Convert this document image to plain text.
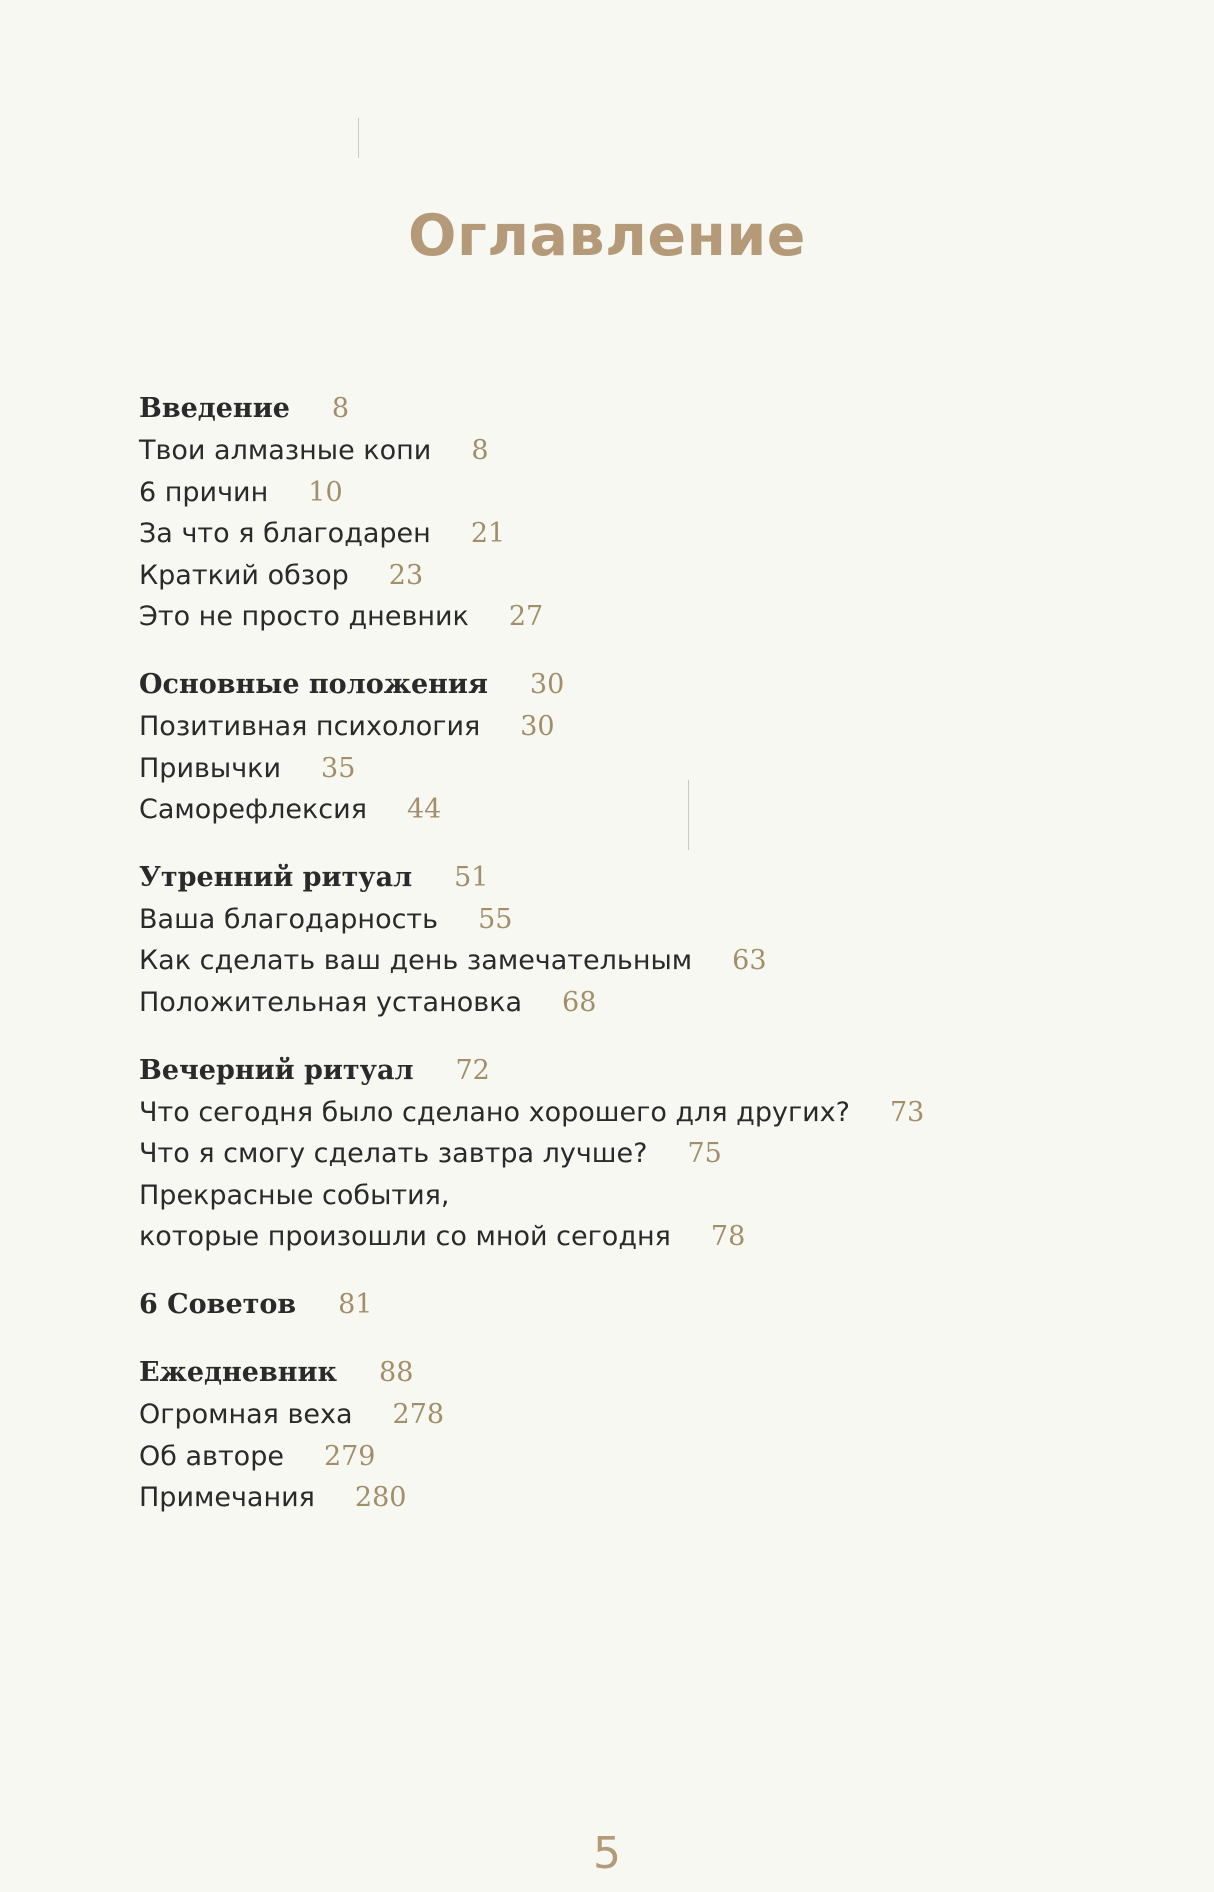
Оглавление
Введение 8
Твои алмазные копи 8
6 причин 10
За что я благодарен 21
Краткий обзор 23
Это не просто дневник 27
Основные положения 30
Позитивная психология 30
Привычки 35
Саморефлексия 44
Утренний ритуал 51
Ваша благодарность 55
Как сделать ваш день замечательным 63
Положительная установка 68
Вечерний ритуал 72
Что сегодня было сделано хорошего для других? 73
Что я смогу сделать завтра лучше? 75
Прекрасные события,
которые произошли со мной сегодня 78
6 Советов 81
Ежедневник 88
Огромная веха 278
Об авторе 279
Примечания 280
5
